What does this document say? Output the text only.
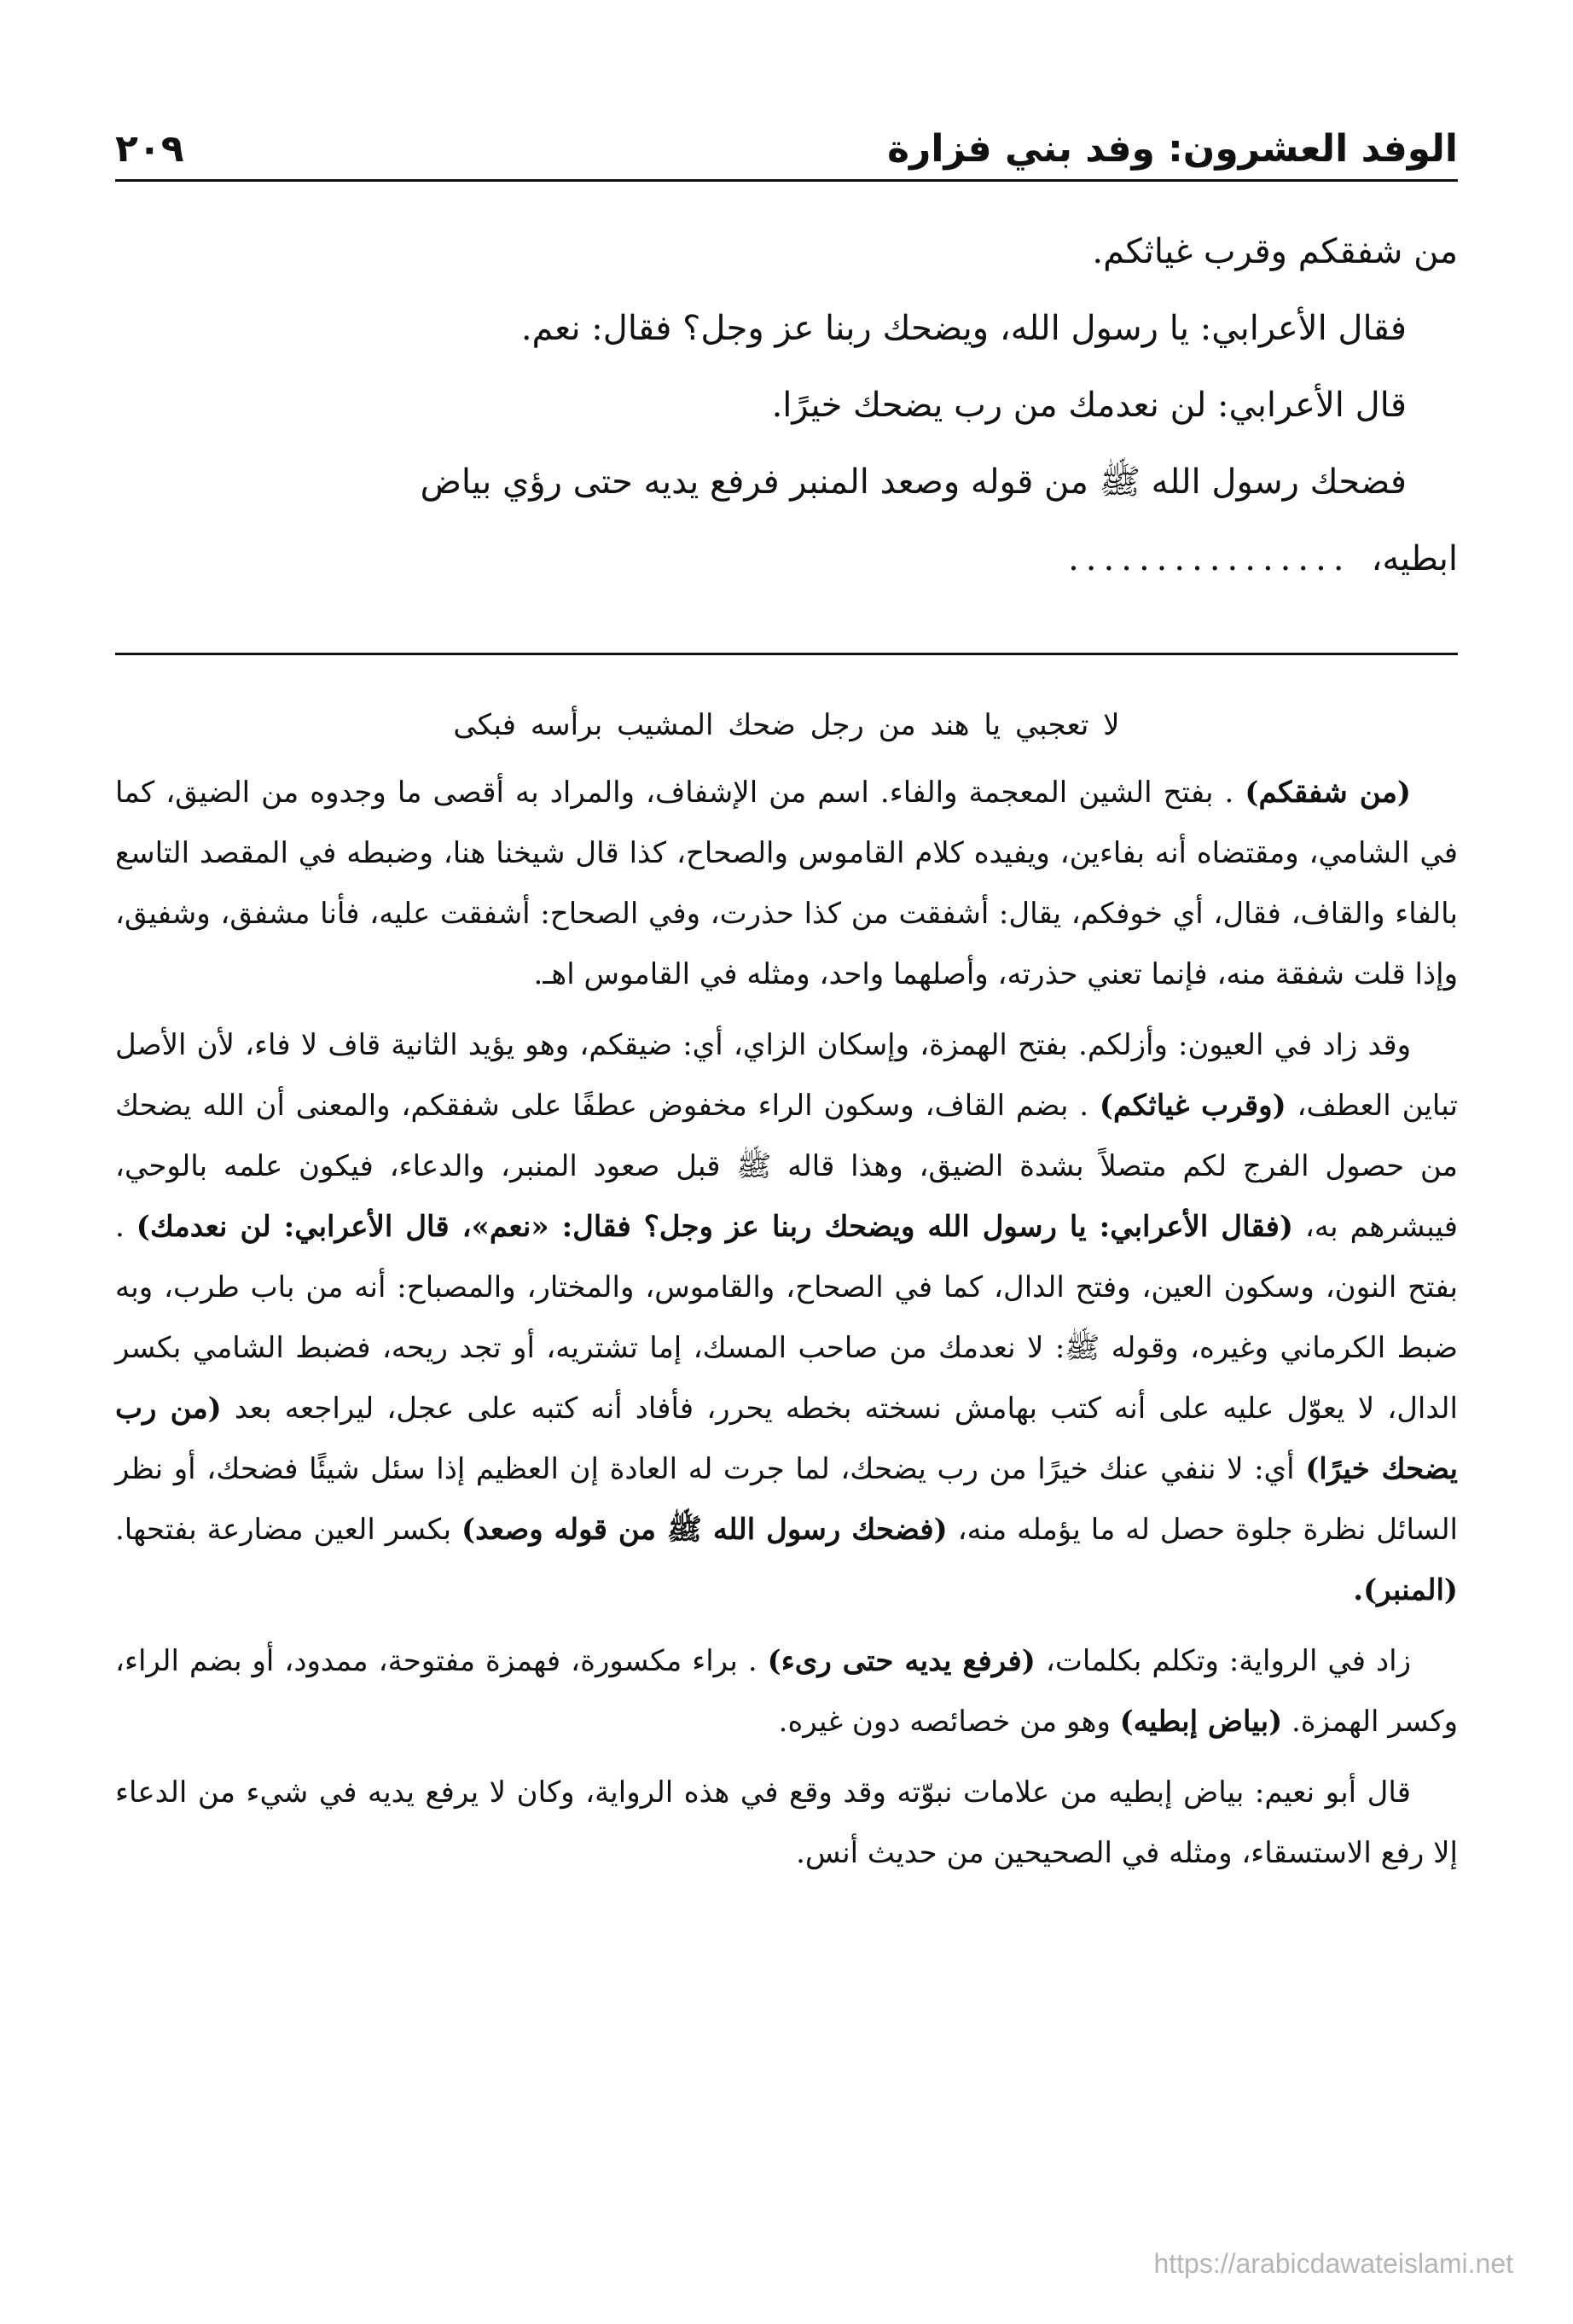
الوفد العشرون: وفد بني فزارة
٢٠٩

من شفقكم وقرب غياثكم.

فقال الأعرابي: يا رسول الله، ويضحك ربنا عز وجل؟ فقال: نعم.

قال الأعرابي: لن نعدمك من رب يضحك خيرًا.

فضحك رسول الله ﷺ من قوله وصعد المنبر فرفع يديه حتى رؤي بياض

ابطيه،
................

لا تعجبي يا هند من رجل ضحك المشيب برأسه فبكى

(من شفقكم) . بفتح الشين المعجمة والفاء. اسم من الإشفاف، والمراد به أقصى ما وجدوه من الضيق، كما في الشامي، ومقتضاه أنه بفاءين، ويفيده كلام القاموس والصحاح، كذا قال شيخنا هنا، وضبطه في المقصد التاسع بالفاء والقاف، فقال، أي خوفكم، يقال: أشفقت من كذا حذرت، وفي الصحاح: أشفقت عليه، فأنا مشفق، وشفيق، وإذا قلت شفقة منه، فإنما تعني حذرته، وأصلهما واحد، ومثله في القاموس اهـ.

وقد زاد في العيون: وأزلكم. بفتح الهمزة، وإسكان الزاي، أي: ضيقكم، وهو يؤيد الثانية قاف لا فاء، لأن الأصل تباين العطف، (وقرب غياثكم) . بضم القاف، وسكون الراء مخفوض عطفًا على شفقكم، والمعنى أن الله يضحك من حصول الفرج لكم متصلاً بشدة الضيق، وهذا قاله ﷺ قبل صعود المنبر، والدعاء، فيكون علمه بالوحي، فيبشرهم به، (فقال الأعرابي: يا رسول الله ويضحك ربنا عز وجل؟ فقال: «نعم»، قال الأعرابي: لن نعدمك) . بفتح النون، وسكون العين، وفتح الدال، كما في الصحاح، والقاموس، والمختار، والمصباح: أنه من باب طرب، وبه ضبط الكرماني وغيره، وقوله ﷺ: لا نعدمك من صاحب المسك، إما تشتريه، أو تجد ريحه، فضبط الشامي بكسر الدال، لا يعوّل عليه على أنه كتب بهامش نسخته بخطه يحرر، فأفاد أنه كتبه على عجل، ليراجعه بعد (من رب يضحك خيرًا) أي: لا ننفي عنك خيرًا من رب يضحك، لما جرت له العادة إن العظيم إذا سئل شيئًا فضحك، أو نظر السائل نظرة جلوة حصل له ما يؤمله منه، (فضحك رسول الله ﷺ من قوله وصعد) بكسر العين مضارعة بفتحها. (المنبر).

زاد في الرواية: وتكلم بكلمات، (فرفع يديه حتى رىء) . براء مكسورة، فهمزة مفتوحة، ممدود، أو بضم الراء، وكسر الهمزة. (بياض إبطيه) وهو من خصائصه دون غيره.

قال أبو نعيم: بياض إبطيه من علامات نبوّته وقد وقع في هذه الرواية، وكان لا يرفع يديه في شيء من الدعاء إلا رفع الاستسقاء، ومثله في الصحيحين من حديث أنس.

https://arabicdawateislami.net
